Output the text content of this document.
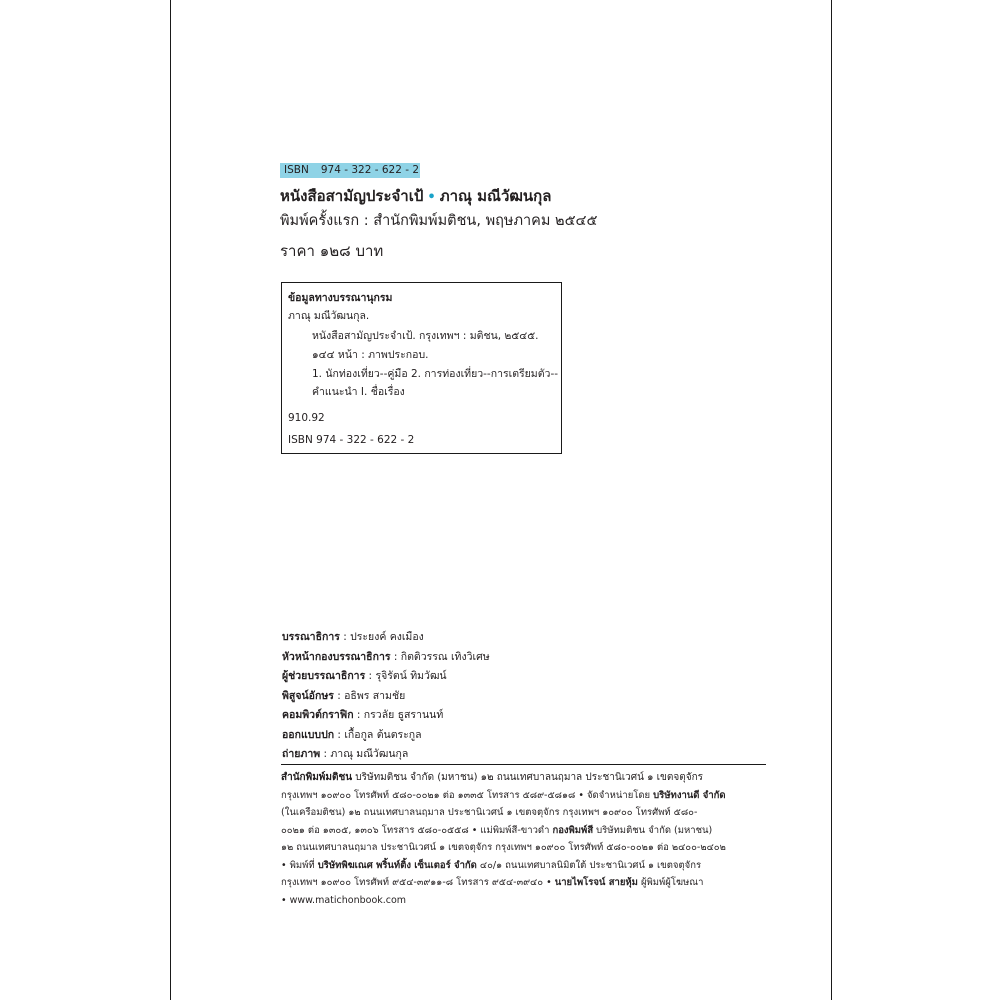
ISBN 974 - 322 - 622 - 2
หนังสือสามัญประจำเป้ • ภาณุ มณีวัฒนกุล
พิมพ์ครั้งแรก : สำนักพิมพ์มติชน, พฤษภาคม ๒๕๔๕
ราคา ๑๒๘ บาท
ข้อมูลทางบรรณานุกรม
ภาณุ มณีวัฒนกุล.
หนังสือสามัญประจำเป้. กรุงเทพฯ : มติชน, ๒๕๔๕.
๑๔๔ หน้า : ภาพประกอบ.
1. นักท่องเที่ยว--คู่มือ 2. การท่องเที่ยว--การเตรียมตัว--
คำแนะนำ I. ชื่อเรื่อง
910.92
ISBN 974 - 322 - 622 - 2
บรรณาธิการ : ประยงค์ คงเมือง
หัวหน้ากองบรรณาธิการ : กิตติวรรณ เทิงวิเศษ
ผู้ช่วยบรรณาธิการ : รุจิรัตน์ ทิมวัฒน์
พิสูจน์อักษร : อธิพร สามชัย
คอมพิวต์กราฟิก : กรวลัย ธูสรานนท์
ออกแบบปก : เกื้อกูล ต้นตระกูล
ถ่ายภาพ : ภาณุ มณีวัฒนกุล
สำนักพิมพ์มติชน บริษัทมติชน จำกัด (มหาชน) ๑๒ ถนนเทศบาลนฤมาล ประชานิเวศน์ ๑ เขตจตุจักร
กรุงเทพฯ ๑๐๙๐๐ โทรศัพท์ ๕๘๐-๐๐๒๑ ต่อ ๑๓๓๕ โทรสาร ๕๘๙-๕๘๑๘ • จัดจำหน่ายโดย บริษัทงานดี จำกัด
(ในเครือมติชน) ๑๒ ถนนเทศบาลนฤมาล ประชานิเวศน์ ๑ เขตจตุจักร กรุงเทพฯ ๑๐๙๐๐ โทรศัพท์ ๕๘๐-
๐๐๒๑ ต่อ ๑๓๐๕, ๑๓๐๖ โทรสาร ๕๘๐-๐๕๕๘ • แม่พิมพ์สี-ขาวดำ กองพิมพ์สี บริษัทมติชน จำกัด (มหาชน)
๑๒ ถนนเทศบาลนฤมาล ประชานิเวศน์ ๑ เขตจตุจักร กรุงเทพฯ ๑๐๙๐๐ โทรศัพท์ ๕๘๐-๐๐๒๑ ต่อ ๒๔๐๐-๒๔๐๒
• พิมพ์ที่ บริษัทพิฆเณศ พริ้นท์ติ้ง เซ็นเตอร์ จำกัด ๔๐/๑ ถนนเทศบาลนิมิตใต้ ประชานิเวศน์ ๑ เขตจตุจักร
กรุงเทพฯ ๑๐๙๐๐ โทรศัพท์ ๙๕๔-๓๙๑๑-๘ โทรสาร ๙๕๔-๓๙๔๐ • นายไพโรจน์ สายหุ้ม ผู้พิมพ์ผู้โฆษณา
• www.matichonbook.com
